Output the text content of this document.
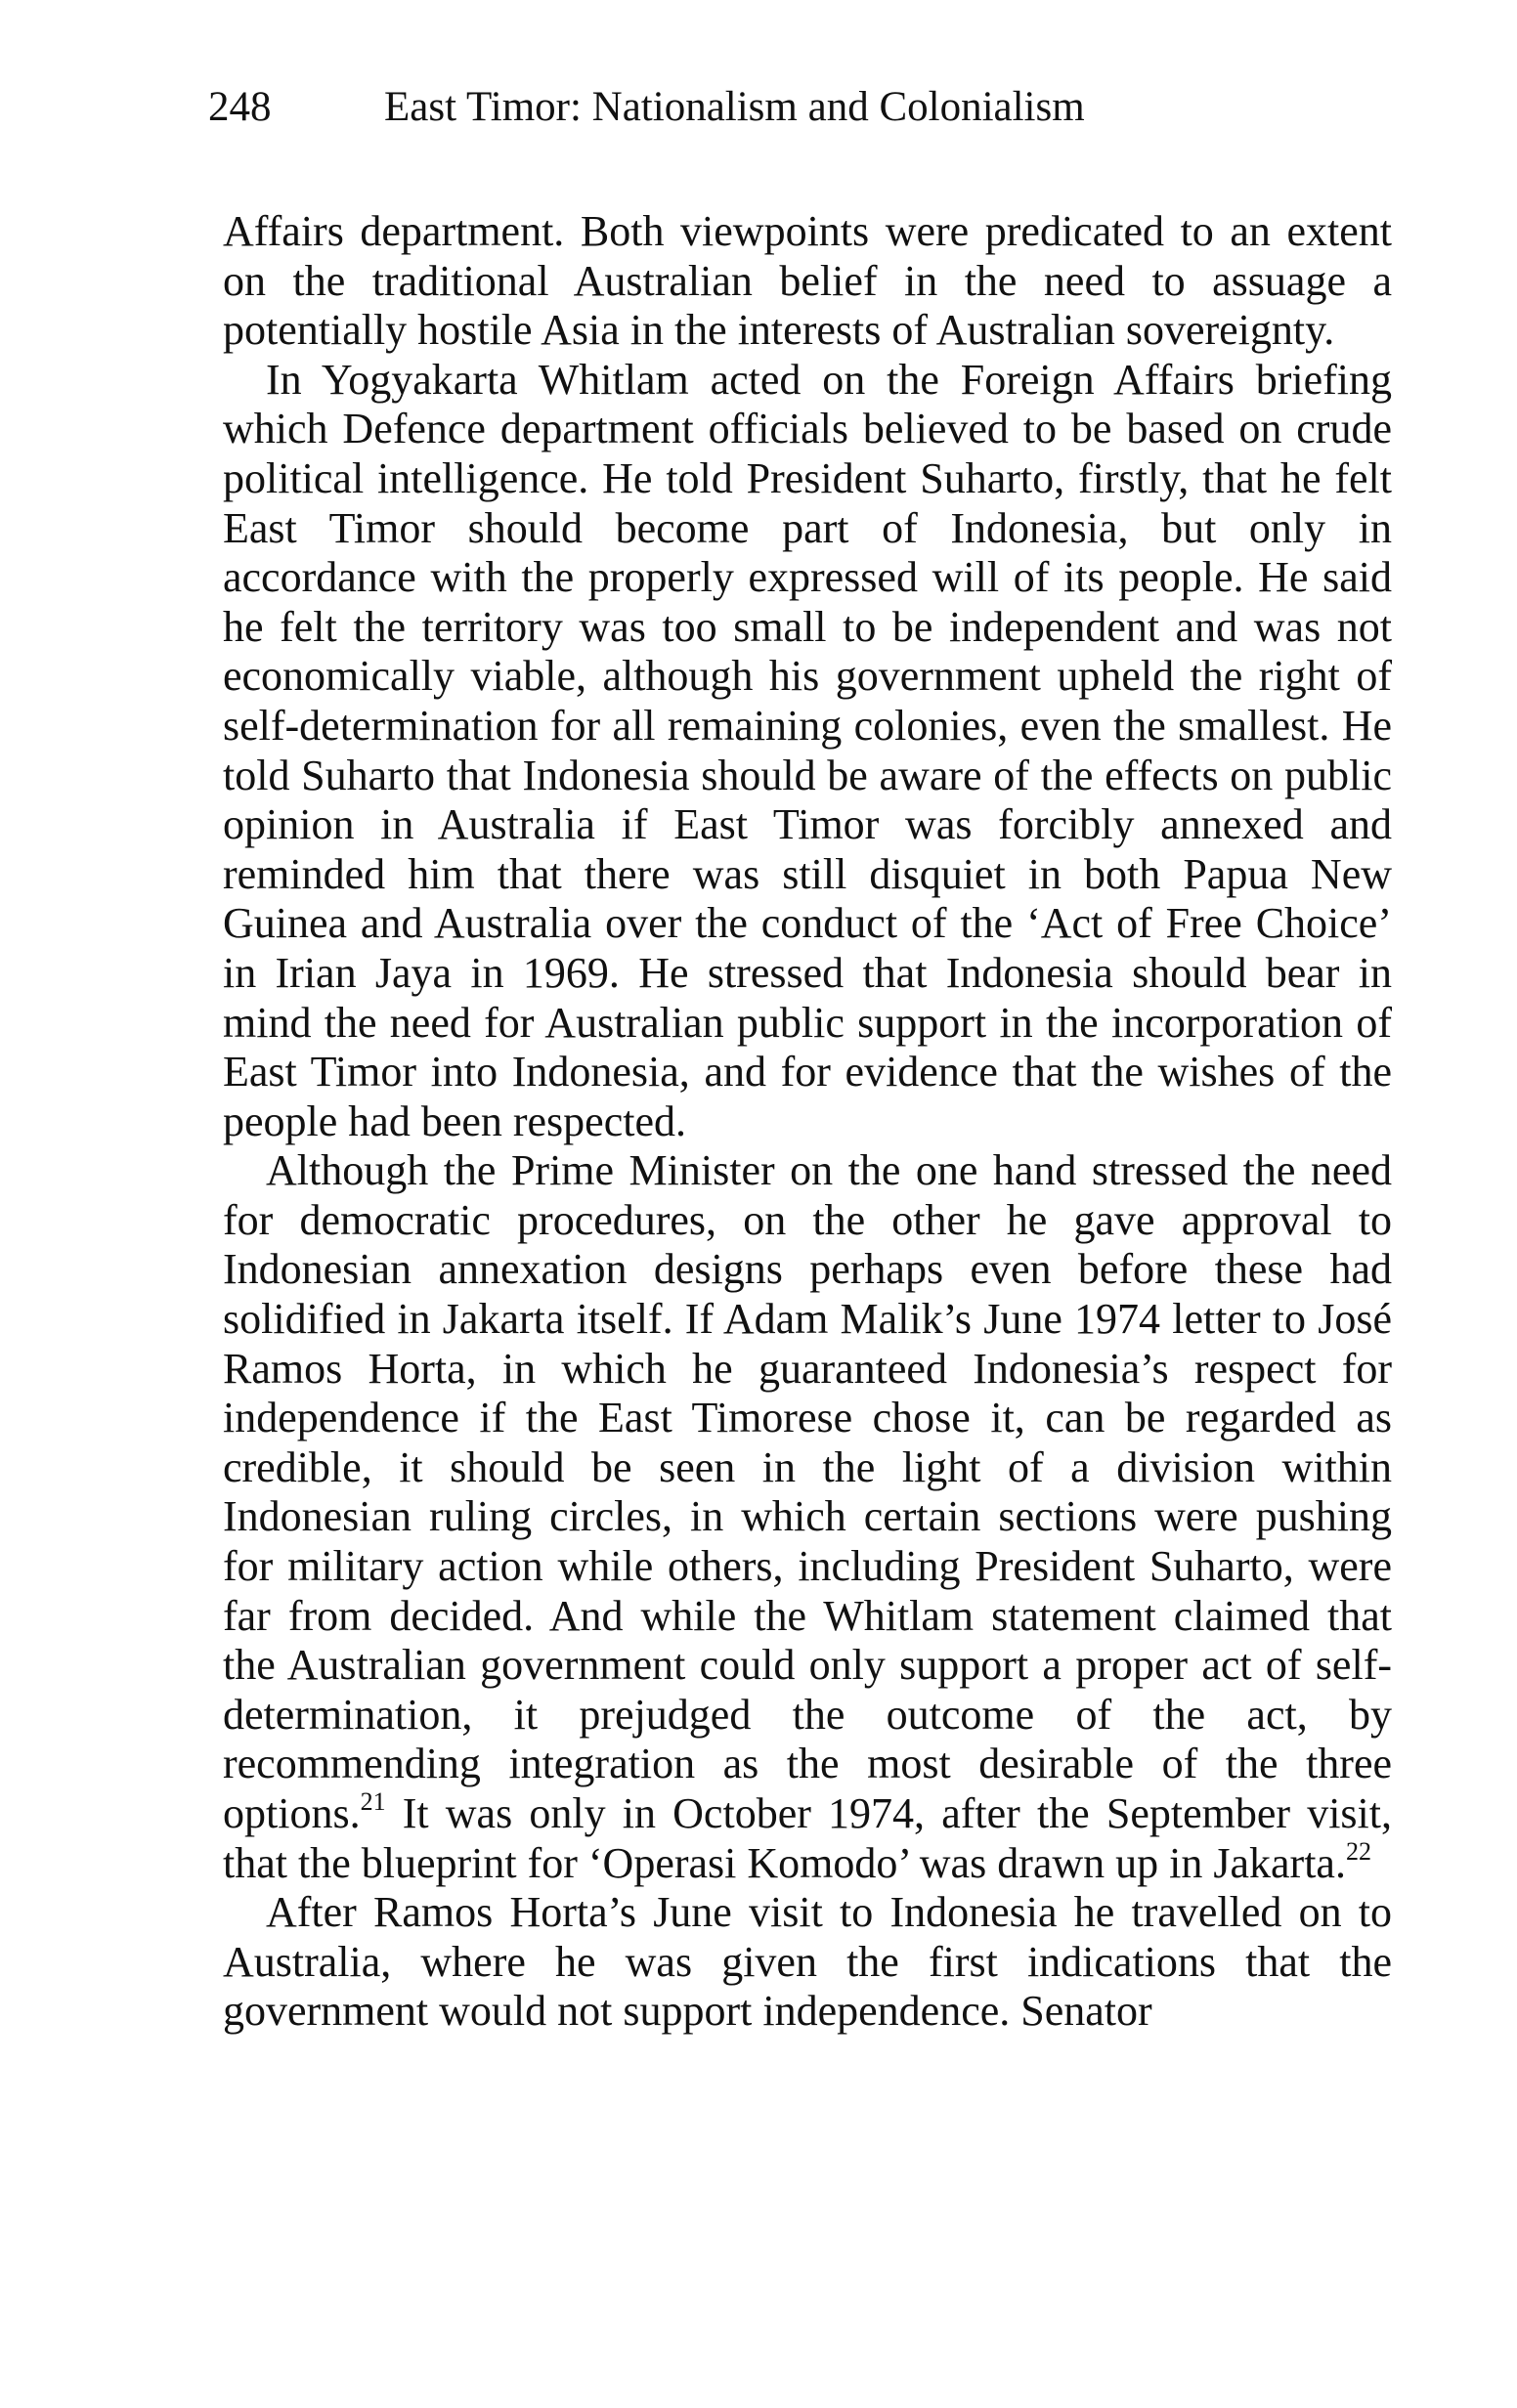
248	East Timor: Nationalism and Colonialism

Affairs department. Both viewpoints were predicated to an extent on the traditional Australian belief in the need to assuage a potentially hostile Asia in the interests of Australian sovereignty.

In Yogyakarta Whitlam acted on the Foreign Affairs briefing which Defence department officials believed to be based on crude political intelligence. He told President Suharto, firstly, that he felt East Timor should become part of Indonesia, but only in accordance with the properly expressed will of its people. He said he felt the territory was too small to be independent and was not economically viable, although his government upheld the right of self-determination for all remaining colonies, even the smallest. He told Suharto that Indonesia should be aware of the effects on public opinion in Australia if East Timor was forcibly annexed and reminded him that there was still disquiet in both Papua New Guinea and Australia over the conduct of the ‘Act of Free Choice’ in Irian Jaya in 1969. He stressed that Indonesia should bear in mind the need for Australian public support in the incorporation of East Timor into Indonesia, and for evidence that the wishes of the people had been respected.

Although the Prime Minister on the one hand stressed the need for democratic procedures, on the other he gave approval to Indonesian annexation designs perhaps even before these had solidified in Jakarta itself. If Adam Malik’s June 1974 letter to José Ramos Horta, in which he guaranteed Indonesia’s respect for independence if the East Timorese chose it, can be regarded as credible, it should be seen in the light of a division within Indonesian ruling circles, in which certain sections were pushing for military action while others, including President Suharto, were far from decided. And while the Whitlam statement claimed that the Australian government could only support a proper act of self-determination, it prejudged the outcome of the act, by recommending integration as the most desirable of the three options.$^{21}$ It was only in October 1974, after the September visit, that the blueprint for ‘Operasi Komodo’ was drawn up in Jakarta.$^{22}$

After Ramos Horta’s June visit to Indonesia he travelled on to Australia, where he was given the first indications that the government would not support independence. Senator
